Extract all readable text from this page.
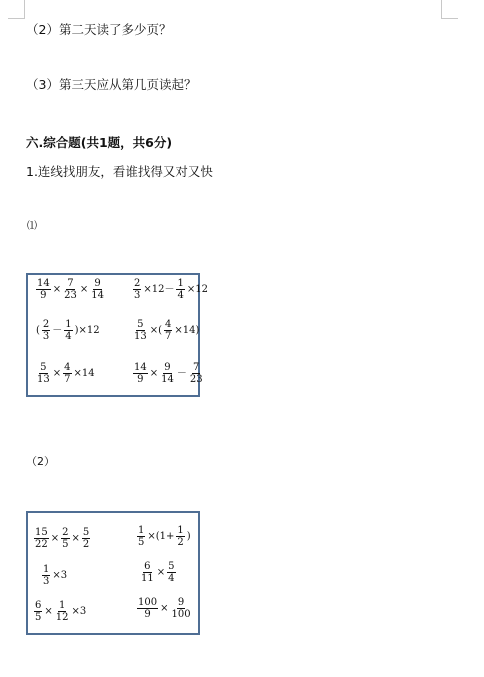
（2）第二天读了多少页？
（3）第三天应从第几页读起？
六.综合题(共1题，共6分)
1.连线找朋友，看谁找得又对又快
⑴
$\frac{14}{9} \times \frac{7}{23} \times \frac{9}{14}$	$\frac{2}{3} \times 12- \frac{1}{4} \times 12$
( $\frac{2}{3} - \frac{1}{4} )\times 12$	$\frac{5}{13}$ ×( $\frac{4}{7} \times 14$)
$\frac{5}{13} \times \frac{4}{7} \times 14$	$\frac{14}{9} \times \frac{9}{14} - \frac{7}{23}$
（2）
$\frac{15}{22} \times \frac{2}{5} \times \frac{5}{2}$	$\frac{1}{5} \times(1+ \frac{1}{2}$ )
$\frac{1}{3} \times 3$	$\frac{6}{11} \times \frac{5}{4}$
$\frac{6}{5} \times \frac{1}{12} \times 3$	$\frac{100}{9} \times \frac{9}{100}$
